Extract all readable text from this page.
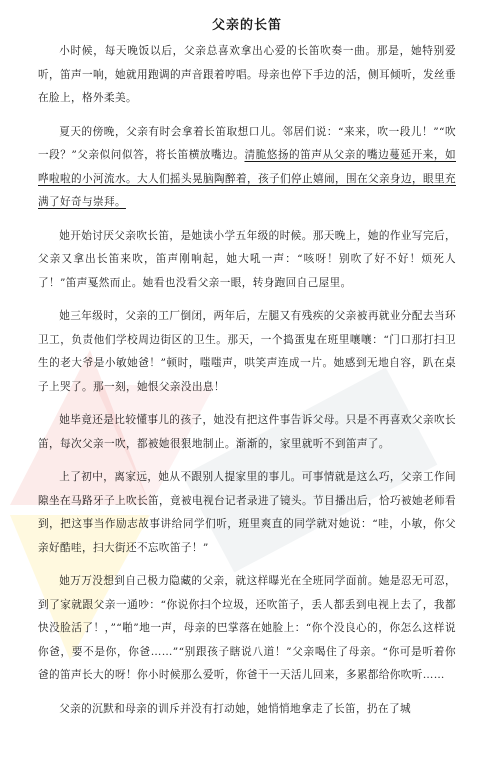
父亲的长笛

小时候，每天晚饭以后，父亲总喜欢拿出心爱的长笛吹奏一曲。那是，她特别爱听，笛声一响，她就用跑调的声音跟着哼唱。母亲也停下手边的活，侧耳倾听，发丝垂在脸上，格外柔美。

夏天的傍晚，父亲有时会拿着长笛取想口儿。邻居们说：“来来，吹一段儿！”“吹一段？”父亲似问似答，将长笛横放嘴边。清脆悠扬的笛声从父亲的嘴边蔓延开来，如哗啦啦的小河流水。大人们摇头晃脑陶醉着，孩子们停止嬉闹，围在父亲身边，眼里充满了好奇与崇拜。

她开始讨厌父亲吹长笛，是她读小学五年级的时候。那天晚上，她的作业写完后，父亲又拿出长笛来吹，笛声刚响起，她大吼一声：“咳呀！别吹了好不好！烦死人了！”笛声戛然而止。她看也没看父亲一眼，转身跑回自己屋里。

她三年级时，父亲的工厂倒闭，两年后，左腿又有残疾的父亲被再就业分配去当环卫工，负责他们学校周边街区的卫生。那天，一个捣蛋鬼在班里嚷嚷：“门口那打扫卫生的老大爷是小敏她爸！”顿时，嗤嗤声，哄笑声连成一片。她感到无地自容，趴在桌子上哭了。那一刻，她恨父亲没出息！

她毕竟还是比较懂事儿的孩子，她没有把这件事告诉父母。只是不再喜欢父亲吹长笛，每次父亲一吹，都被她很狠地制止。渐渐的，家里就听不到笛声了。

上了初中，离家远，她从不跟别人提家里的事儿。可事情就是这么巧，父亲工作间隙坐在马路牙子上吹长笛，竟被电视台记者录进了镜头。节目播出后，恰巧被她老师看到，把这事当作励志故事讲给同学们听，班里爽直的同学就对她说：“哇，小敏，你父亲好酷哇，扫大街还不忘吹笛子！”

她万万没想到自己极力隐藏的父亲，就这样曝光在全班同学面前。她是忍无可忍，到了家就跟父亲一通吵：“你说你扫个垃圾，还吹笛子，丢人都丢到电视上去了，我都快没脸活了！，”“啪”地一声，母亲的巴掌落在她脸上：“你个没良心的，你怎么这样说你爸，要不是你，你爸……”“别跟孩子瞎说八道！”父亲喝住了母亲。“你可是听着你爸的笛声长大的呀！你小时候那么爱听，你爸干一天活儿回来，多累都给你吹听……

父亲的沉默和母亲的训斥并没有打动她，她悄悄地拿走了长笛，扔在了城
